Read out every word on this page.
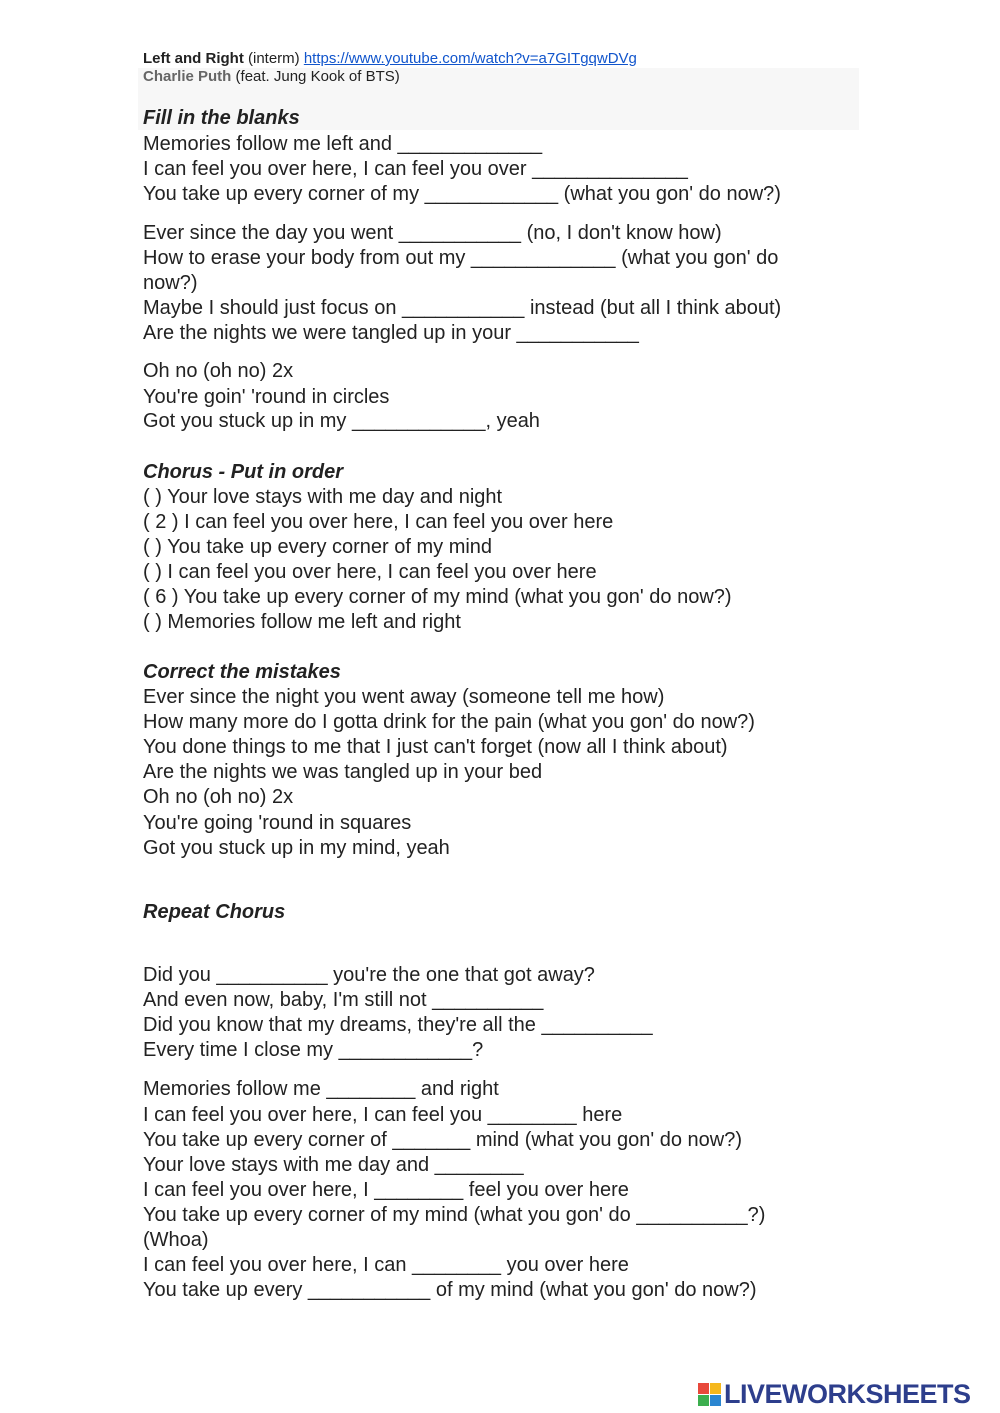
Left and Right (interm) https://www.youtube.com/watch?v=a7GITgqwDVg
Charlie Puth (feat. Jung Kook of BTS)
Fill in the blanks
Memories follow me left and _____________
I can feel you over here, I can feel you over ______________
You take up every corner of my ____________ (what you gon' do now?)
Ever since the day you went ___________ (no, I don't know how)
How to erase your body from out my _____________ (what you gon' do
now?)
Maybe I should just focus on ___________ instead (but all I think about)
Are the nights we were tangled up in your ___________
Oh no (oh no) 2x
You're goin' 'round in circles
Got you stuck up in my ____________, yeah
Chorus - Put in order
( ) Your love stays with me day and night
( 2 ) I can feel you over here, I can feel you over here
( ) You take up every corner of my mind
( ) I can feel you over here, I can feel you over here
( 6 ) You take up every corner of my mind (what you gon' do now?)
( ) Memories follow me left and right
Correct the mistakes
Ever since the night you went away (someone tell me how)
How many more do I gotta drink for the pain (what you gon' do now?)
You done things to me that I just can't forget (now all I think about)
Are the nights we was tangled up in your bed
Oh no (oh no) 2x
You're going 'round in squares
Got you stuck up in my mind, yeah
Repeat Chorus
Did you __________ you're the one that got away?
And even now, baby, I'm still not __________
Did you know that my dreams, they're all the __________
Every time I close my ____________?
Memories follow me ________ and right
I can feel you over here, I can feel you ________ here
You take up every corner of _______ mind (what you gon' do now?)
Your love stays with me day and ________
I can feel you over here, I ________ feel you over here
You take up every corner of my mind (what you gon' do __________?)
(Whoa)
I can feel you over here, I can ________ you over here
You take up every ___________ of my mind (what you gon' do now?)
LIVEWORKSHEETS
